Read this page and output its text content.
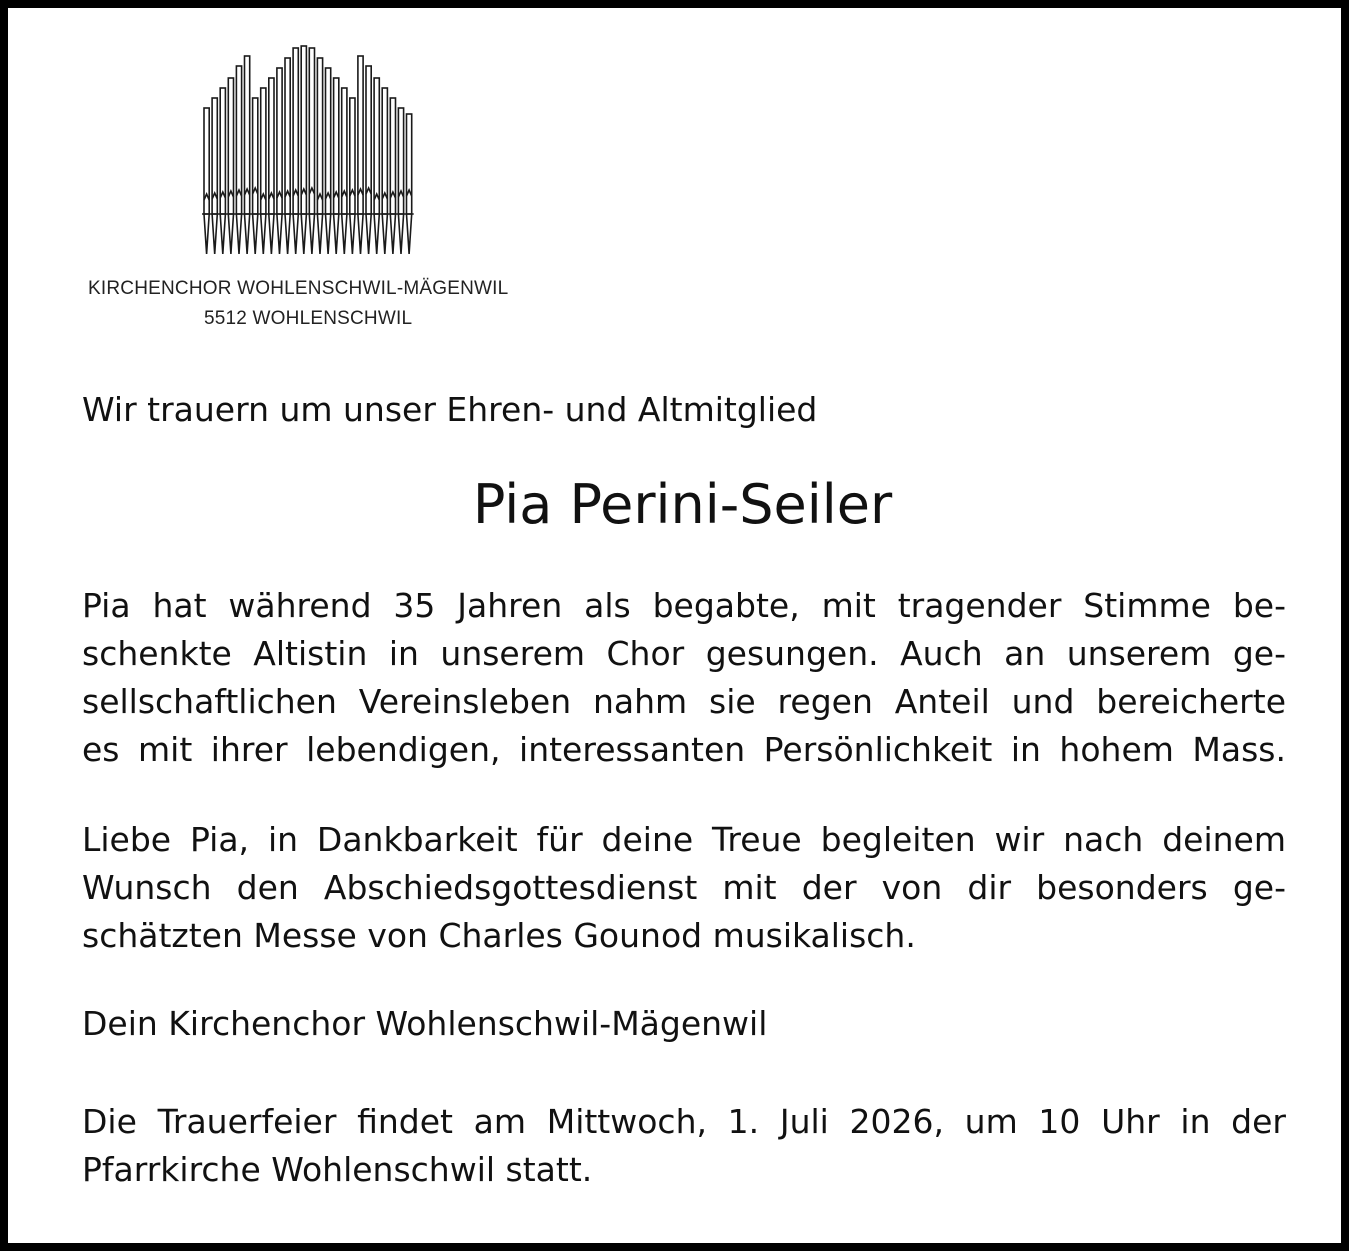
KIRCHENCHOR WOHLENSCHWIL-MÄGENWIL
5512 WOHLENSCHWIL
Wir trauern um unser Ehren- und Altmitglied
Pia Perini-Seiler
Pia hat während 35 Jahren als begabte, mit tragender Stimme be-
schenkte Altistin in unserem Chor gesungen. Auch an unserem ge-
sellschaftlichen Vereinsleben nahm sie regen Anteil und bereicherte
es mit ihrer lebendigen, interessanten Persönlichkeit in hohem Mass.
Liebe Pia, in Dankbarkeit für deine Treue begleiten wir nach deinem
Wunsch den Abschiedsgottesdienst mit der von dir besonders ge-
schätzten Messe von Charles Gounod musikalisch.
Dein Kirchenchor Wohlenschwil-Mägenwil
Die Trauerfeier findet am Mittwoch, 1. Juli 2026, um 10 Uhr in der
Pfarrkirche Wohlenschwil statt.
